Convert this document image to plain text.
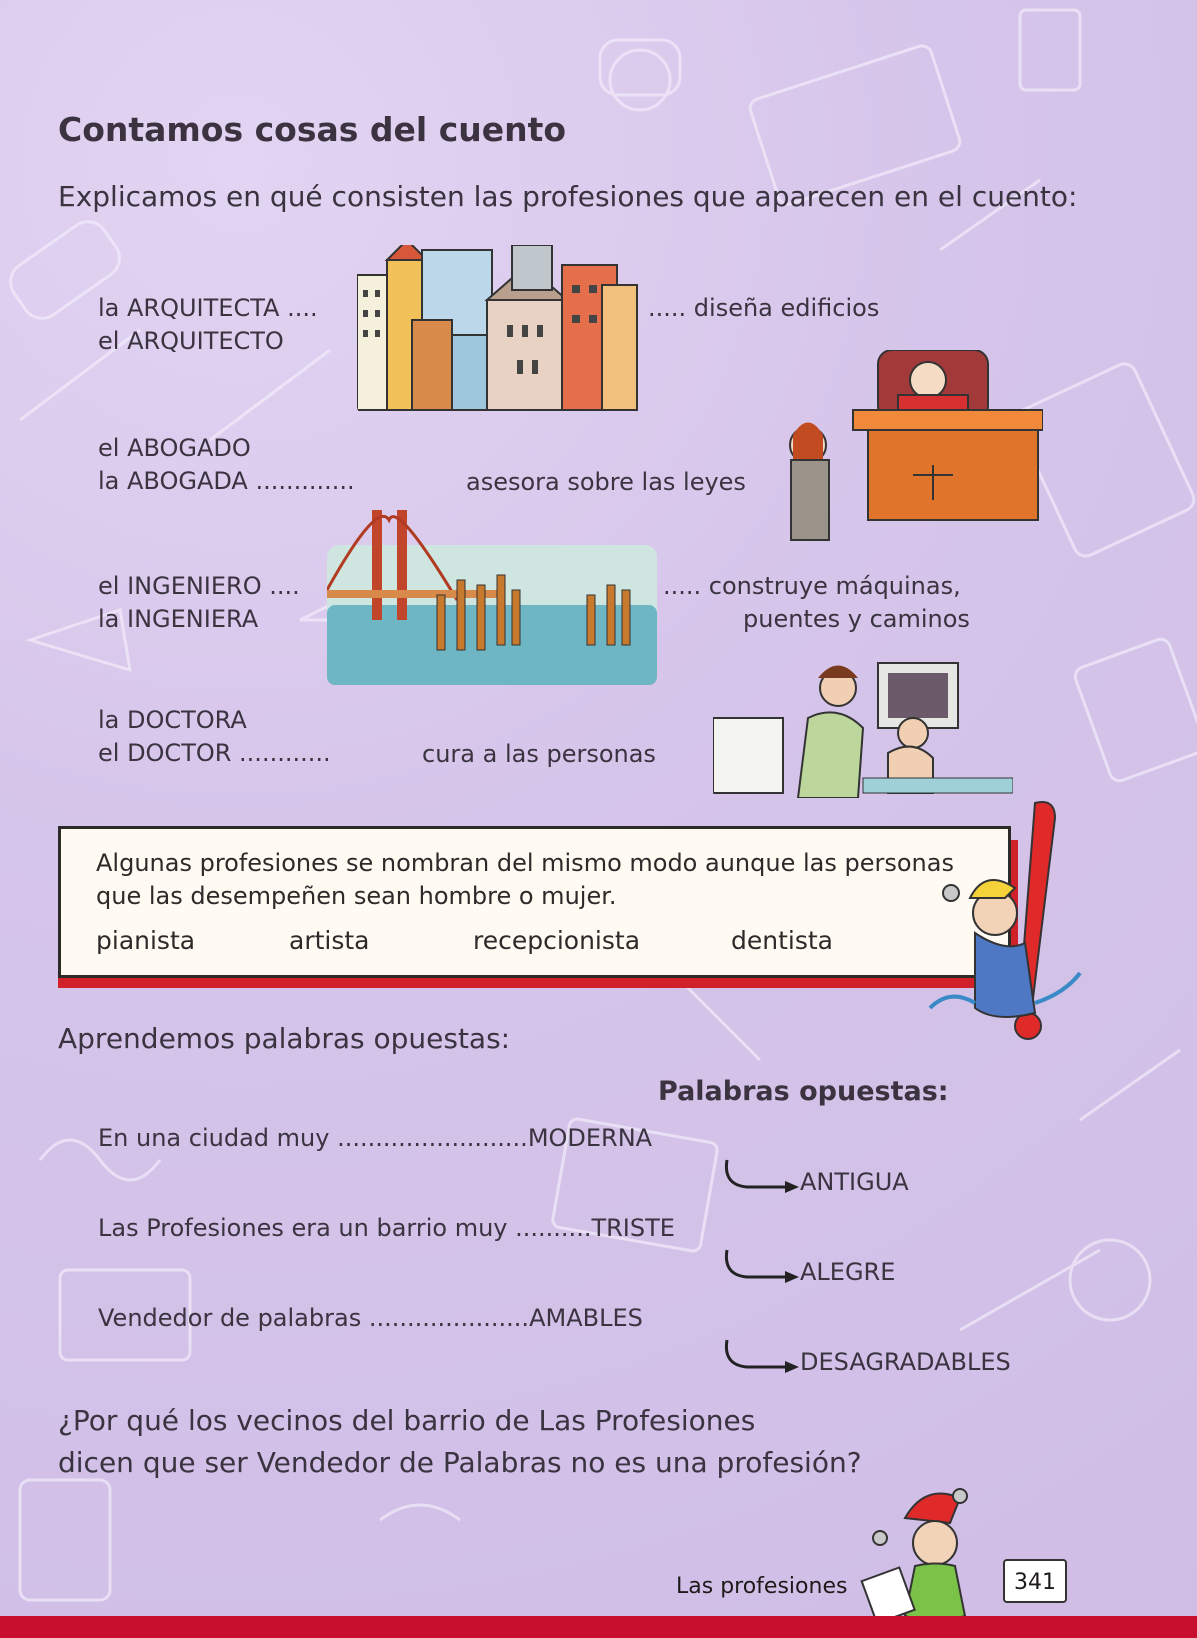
Contamos cosas del cuento
Explicamos en qué consisten las profesiones que aparecen en el cuento:
la ARQUITECTA ....
el ARQUITECTO
..... diseña edificios
el ABOGADO
la ABOGADA .............	asesora sobre las leyes
el INGENIERO ....
la INGENIERA
..... construye máquinas,
puentes y caminos
la DOCTORA
el DOCTOR ............	cura a las personas
Algunas profesiones se nombran del mismo modo aunque las personas
que las desempeñen sean hombre o mujer.
pianista	artista	recepcionista	dentista
Aprendemos palabras opuestas:
Palabras opuestas:
En una ciudad muy .........................MODERNA
ANTIGUA
Las Profesiones era un barrio muy ..........TRISTE
ALEGRE
Vendedor de palabras .....................AMABLES
DESAGRADABLES
¿Por qué los vecinos del barrio de Las Profesiones
dicen que ser Vendedor de Palabras no es una profesión?
Las profesiones	341
